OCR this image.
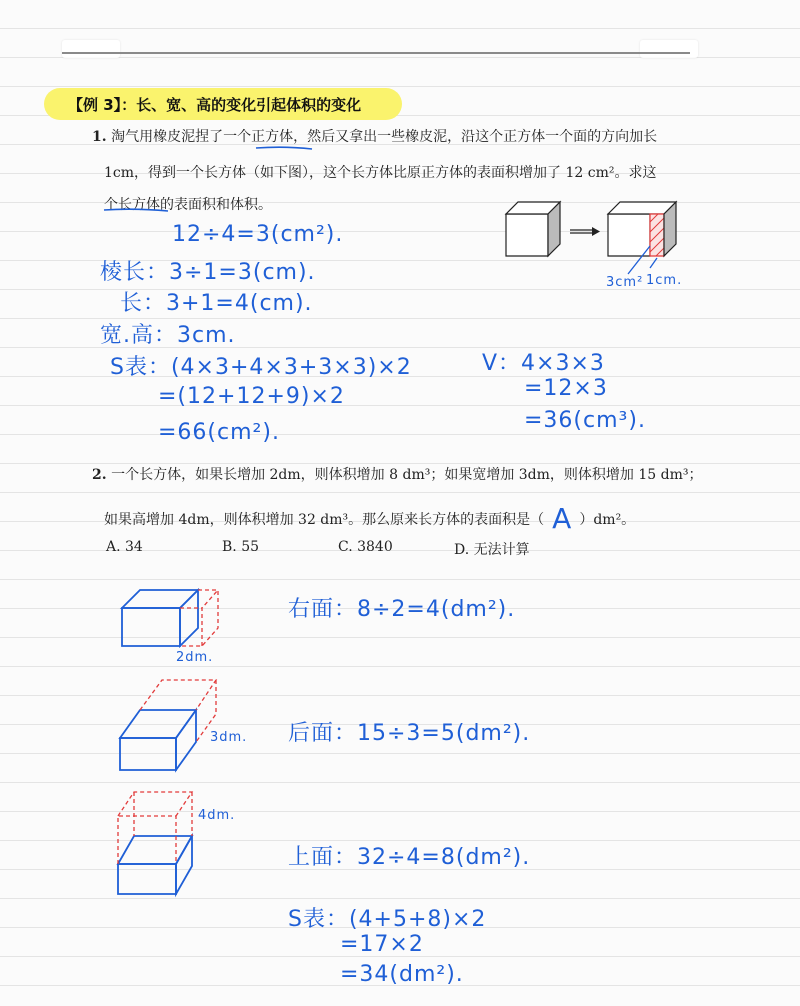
【例 3】：长、宽、高的变化引起体积的变化
1. 淘气用橡皮泥捏了一个正方体，然后又拿出一些橡皮泥，沿这个正方体一个面的方向加长
1cm，得到一个长方体（如下图），这个长方体比原正方体的表面积增加了 12 cm²。求这
个长方体的表面积和体积。
3cm² 1cm.
12÷4=3(cm²).
棱长：3÷1=3(cm).
长：3+1=4(cm).
宽.高：3cm.
S表：(4×3+4×3+3×3)×2
=(12+12+9)×2
=66(cm²).
V：4×3×3
=12×3
=36(cm³).
2. 一个长方体，如果长增加 2dm，则体积增加 8 dm³；如果宽增加 3dm，则体积增加 15 dm³；
如果高增加 4dm，则体积增加 32 dm³。那么原来长方体的表面积是（ A ）dm²。
A. 34	B. 55	C. 3840	D. 无法计算
2dm.
3dm.
4dm.
右面：8÷2=4(dm²).
后面：15÷3=5(dm²).
上面：32÷4=8(dm²).
S表：(4+5+8)×2
=17×2
=34(dm²).
